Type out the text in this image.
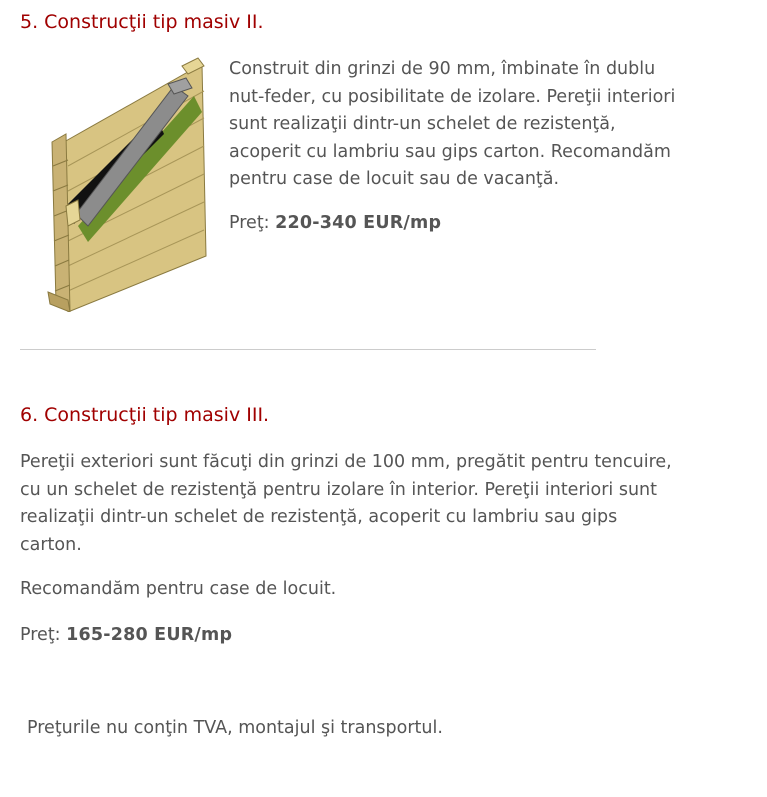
5. Construcţii tip masiv II.

Construit din grinzi de 90 mm, îmbinate în dublu

nut-feder, cu posibilitate de izolare. Pereţii interiori

sunt realizaţii dintr-un schelet de rezistenţă,

acoperit cu lambriu sau gips carton. Recomandăm

pentru case de locuit sau de vacanţă.

Preţ: 220-340 EUR/mp

6. Construcţii tip masiv III.

Pereţii exteriori sunt făcuţi din grinzi de 100 mm, pregătit pentru tencuire,

cu un schelet de rezistenţă pentru izolare în interior. Pereţii interiori sunt

realizaţii dintr-un schelet de rezistenţă, acoperit cu lambriu sau gips

carton.

Recomandăm pentru case de locuit.

Preţ: 165-280 EUR/mp

Preţurile nu conţin TVA, montajul şi transportul.
